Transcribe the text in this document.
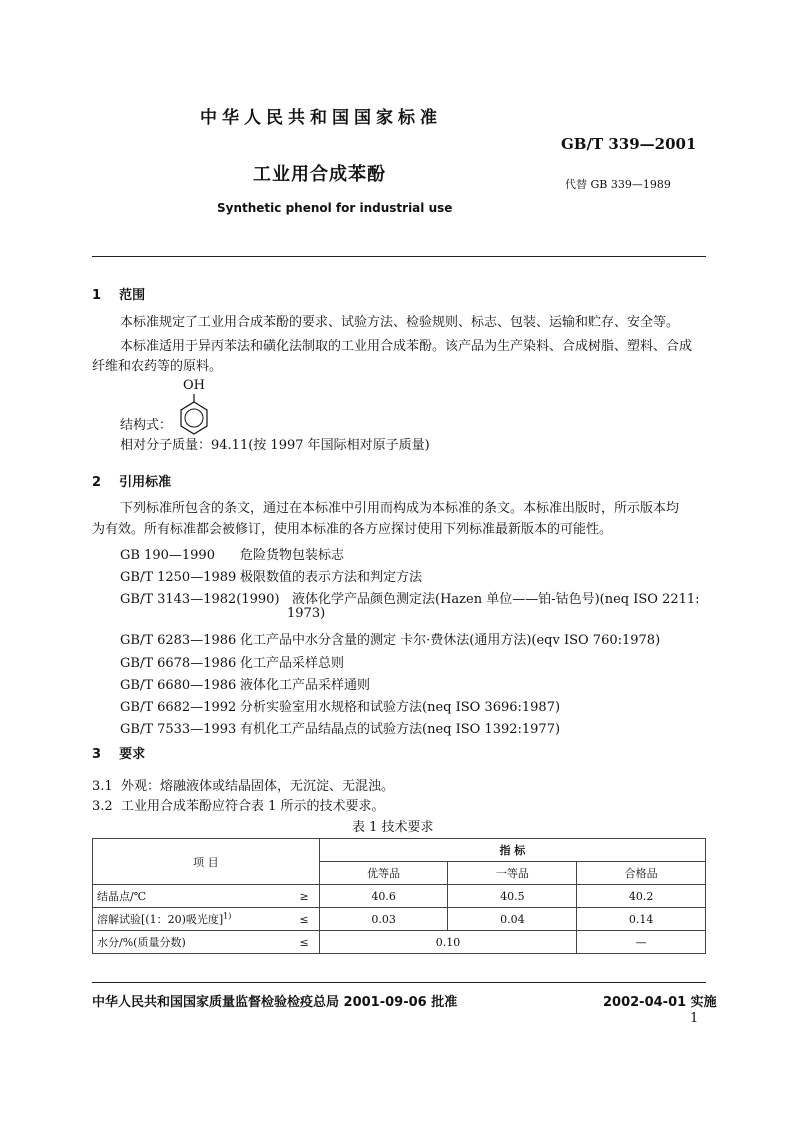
中华人民共和国国家标准
GB/T 339—2001
工业用合成苯酚	代替 GB 339—1989
Synthetic phenol for industrial use
1 范围
本标准规定了工业用合成苯酚的要求、试验方法、检验规则、标志、包装、运输和贮存、安全等。
本标准适用于异丙苯法和磺化法制取的工业用合成苯酚。该产品为生产染料、合成树脂、塑料、合成
纤维和农药等的原料。
OH
结构式：
相对分子质量：94.11(按 1997 年国际相对原子质量)
2 引用标准
下列标准所包含的条文，通过在本标准中引用而构成为本标准的条文。本标准出版时，所示版本均
为有效。所有标准都会被修订，使用本标准的各方应探讨使用下列标准最新版本的可能性。
GB 190—1990 危险货物包装标志
GB/T 1250—1989 极限数值的表示方法和判定方法
GB/T 3143—1982(1990) 液体化学产品颜色测定法(Hazen 单位——铂-钴色号)(neq ISO 2211:
1973)
GB/T 6283—1986 化工产品中水分含量的测定 卡尔·费休法(通用方法)(eqv ISO 760:1978)
GB/T 6678—1986 化工产品采样总则
GB/T 6680—1986 液体化工产品采样通则
GB/T 6682—1992 分析实验室用水规格和试验方法(neq ISO 3696:1987)
GB/T 7533—1993 有机化工产品结晶点的试验方法(neq ISO 1392:1977)
3 要求
3.1 外观：熔融液体或结晶固体，无沉淀、无混浊。
3.2 工业用合成苯酚应符合表 1 所示的技术要求。
表 1 技术要求
项 目		指 标		
		优等品	一等品	合格品
结晶点/℃	≥	40.6	40.5	40.2
溶解试验[(1：20)吸光度]$^{1)}$	≤	0.03	0.04	0.14
水分/%(质量分数)	≤	0.10		—
中华人民共和国国家质量监督检验检疫总局 2001-09-06 批准	2002-04-01 实施
1
